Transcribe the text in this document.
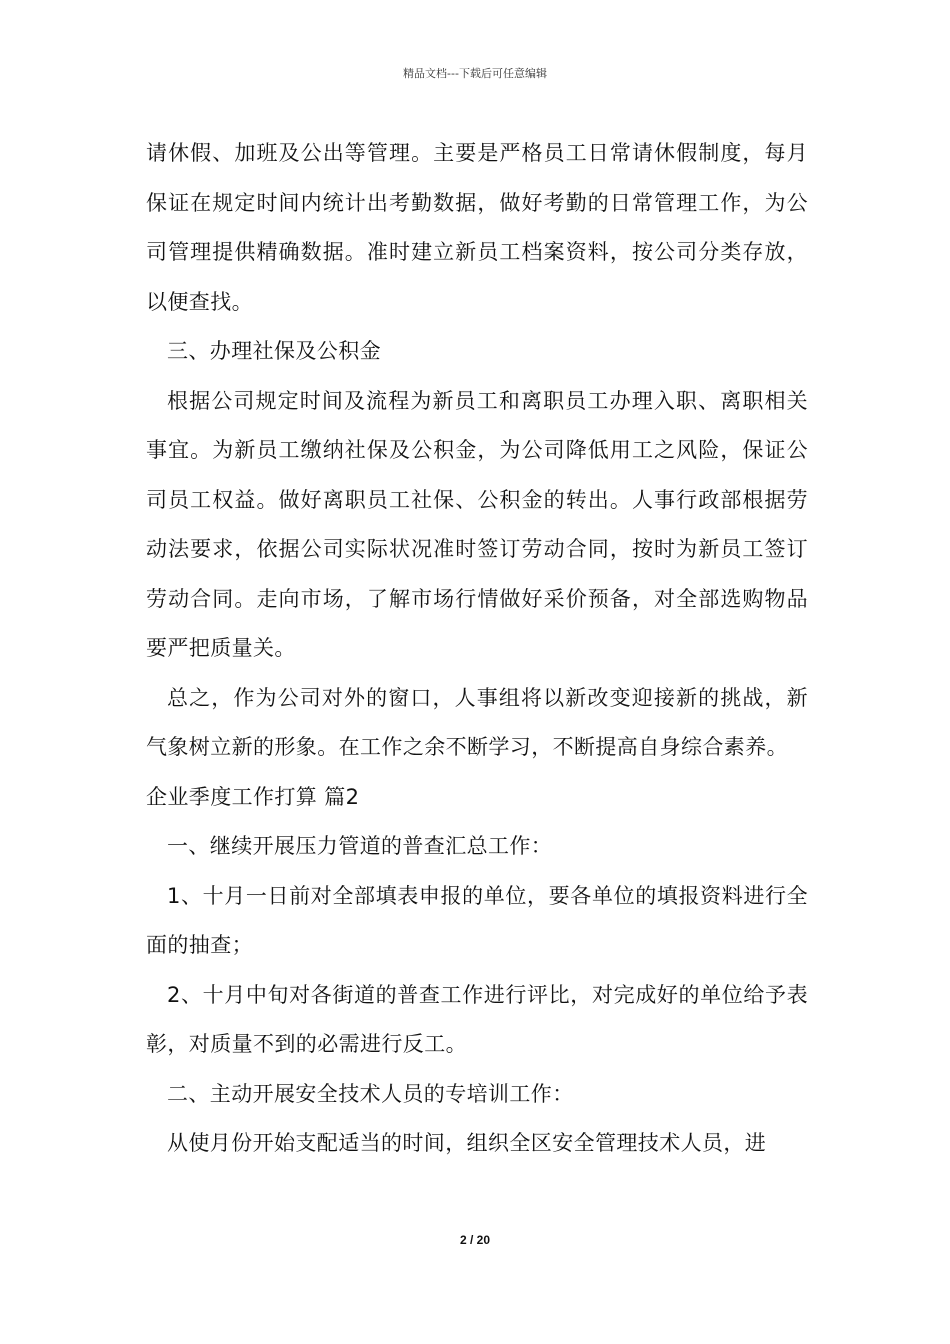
精品文档---下载后可任意编辑

请休假、加班及公出等管理。主要是严格员工日常请休假制度，每月保证在规定时间内统计出考勤数据，做好考勤的日常管理工作，为公司管理提供精确数据。准时建立新员工档案资料，按公司分类存放，以便查找。

三、办理社保及公积金

根据公司规定时间及流程为新员工和离职员工办理入职、离职相关事宜。为新员工缴纳社保及公积金，为公司降低用工之风险，保证公司员工权益。做好离职员工社保、公积金的转出。人事行政部根据劳动法要求，依据公司实际状况准时签订劳动合同，按时为新员工签订劳动合同。走向市场，了解市场行情做好采价预备，对全部选购物品要严把质量关。

总之，作为公司对外的窗口，人事组将以新改变迎接新的挑战，新气象树立新的形象。在工作之余不断学习，不断提高自身综合素养。

企业季度工作打算 篇2

一、继续开展压力管道的普查汇总工作：

1、十月一日前对全部填表申报的单位，要各单位的填报资料进行全面的抽查；

2、十月中旬对各街道的普查工作进行评比，对完成好的单位给予表彰，对质量不到的必需进行反工。

二、主动开展安全技术人员的专培训工作：

从使月份开始支配适当的时间，组织全区安全管理技术人员，进

2 / 20
